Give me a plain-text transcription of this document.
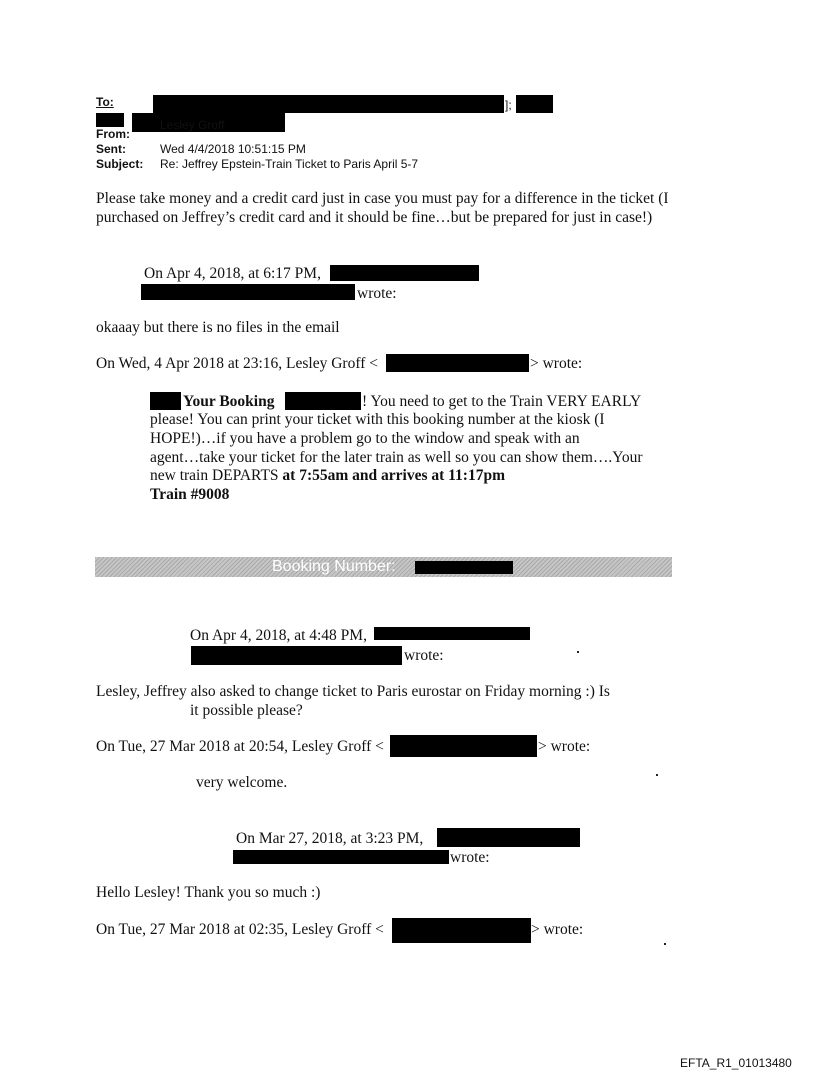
To:	];
From:
Lesley Groff
Sent:	Wed 4/4/2018 10:51:15 PM
Subject: Re: Jeffrey Epstein-Train Ticket to Paris April 5-7
Please take money and a credit card just in case you must pay for a difference in the ticket (I
purchased on Jeffrey’s credit card and it should be fine…but be prepared for just in case!)
On Apr 4, 2018, at 6:17 PM,
wrote:
okaaay but there is no files in the email
On Wed, 4 Apr 2018 at 23:16, Lesley Groff <	> wrote:
Your Booking	! You need to get to the Train VERY EARLY
please! You can print your ticket with this booking number at the kiosk (I
HOPE!)…if you have a problem go to the window and speak with an
agent…take your ticket for the later train as well so you can show them….Your
new train DEPARTS at 7:55am and arrives at 11:17pm
Train #9008
Booking Number:
On Apr 4, 2018, at 4:48 PM,
wrote:
Lesley, Jeffrey also asked to change ticket to Paris eurostar on Friday morning :) Is
it possible please?
On Tue, 27 Mar 2018 at 20:54, Lesley Groff <	> wrote:
very welcome.
On Mar 27, 2018, at 3:23 PM,
wrote:
Hello Lesley! Thank you so much :)
On Tue, 27 Mar 2018 at 02:35, Lesley Groff <	> wrote:
EFTA_R1_01013480
